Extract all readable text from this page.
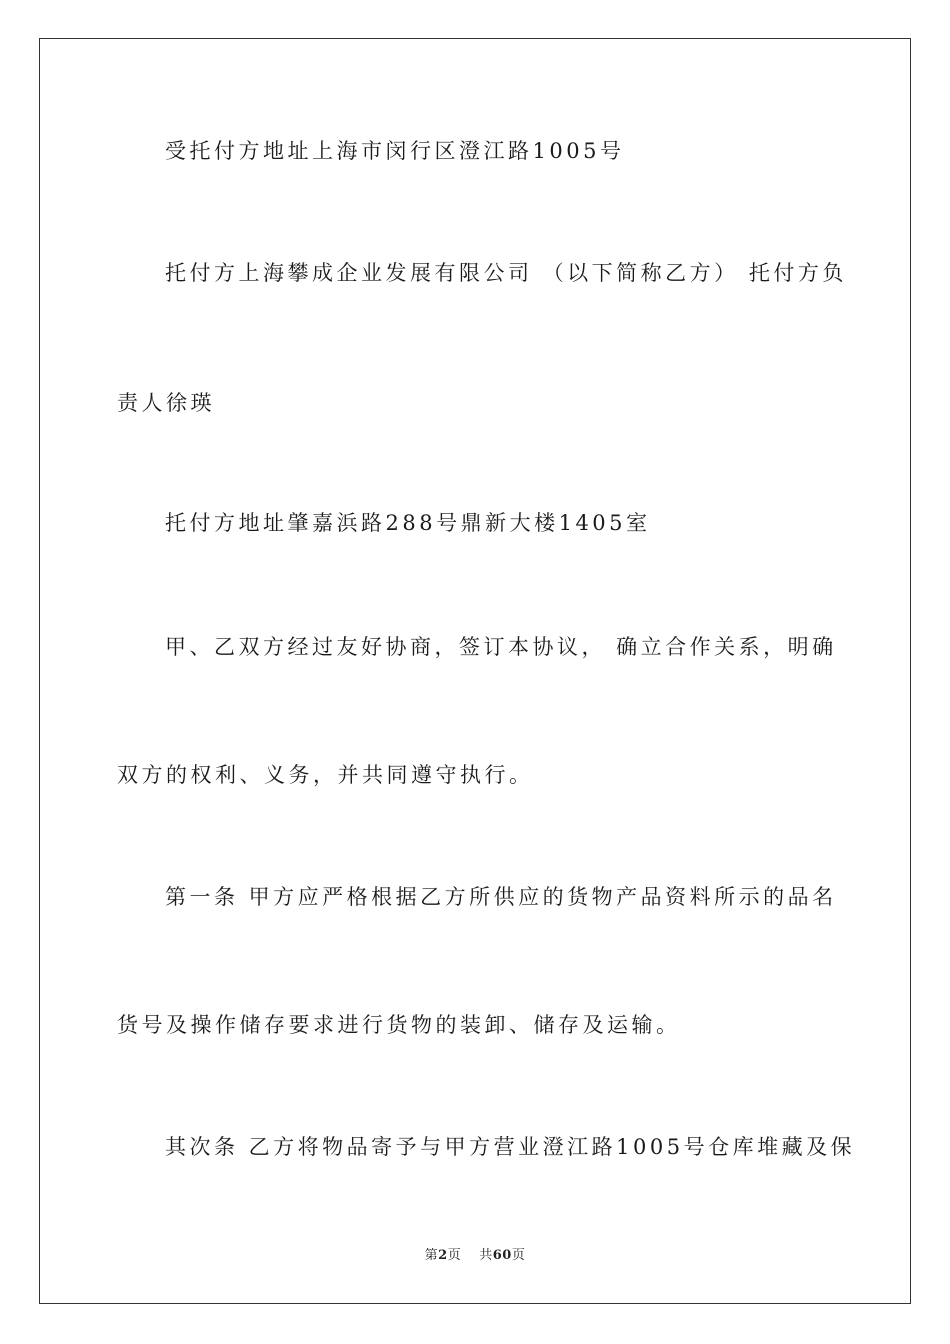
受托付方地址上海市闵行区澄江路1005号
托付方上海攀成企业发展有限公司 （以下简称乙方） 托付方负
责人徐瑛
托付方地址肇嘉浜路288号鼎新大楼1405室
甲、乙双方经过友好协商，签订本协议， 确立合作关系，明确
双方的权利、义务，并共同遵守执行。
第一条 甲方应严格根据乙方所供应的货物产品资料所示的品名
货号及操作储存要求进行货物的装卸、储存及运输。
其次条 乙方将物品寄予与甲方营业澄江路1005号仓库堆藏及保
第2页 共60页
